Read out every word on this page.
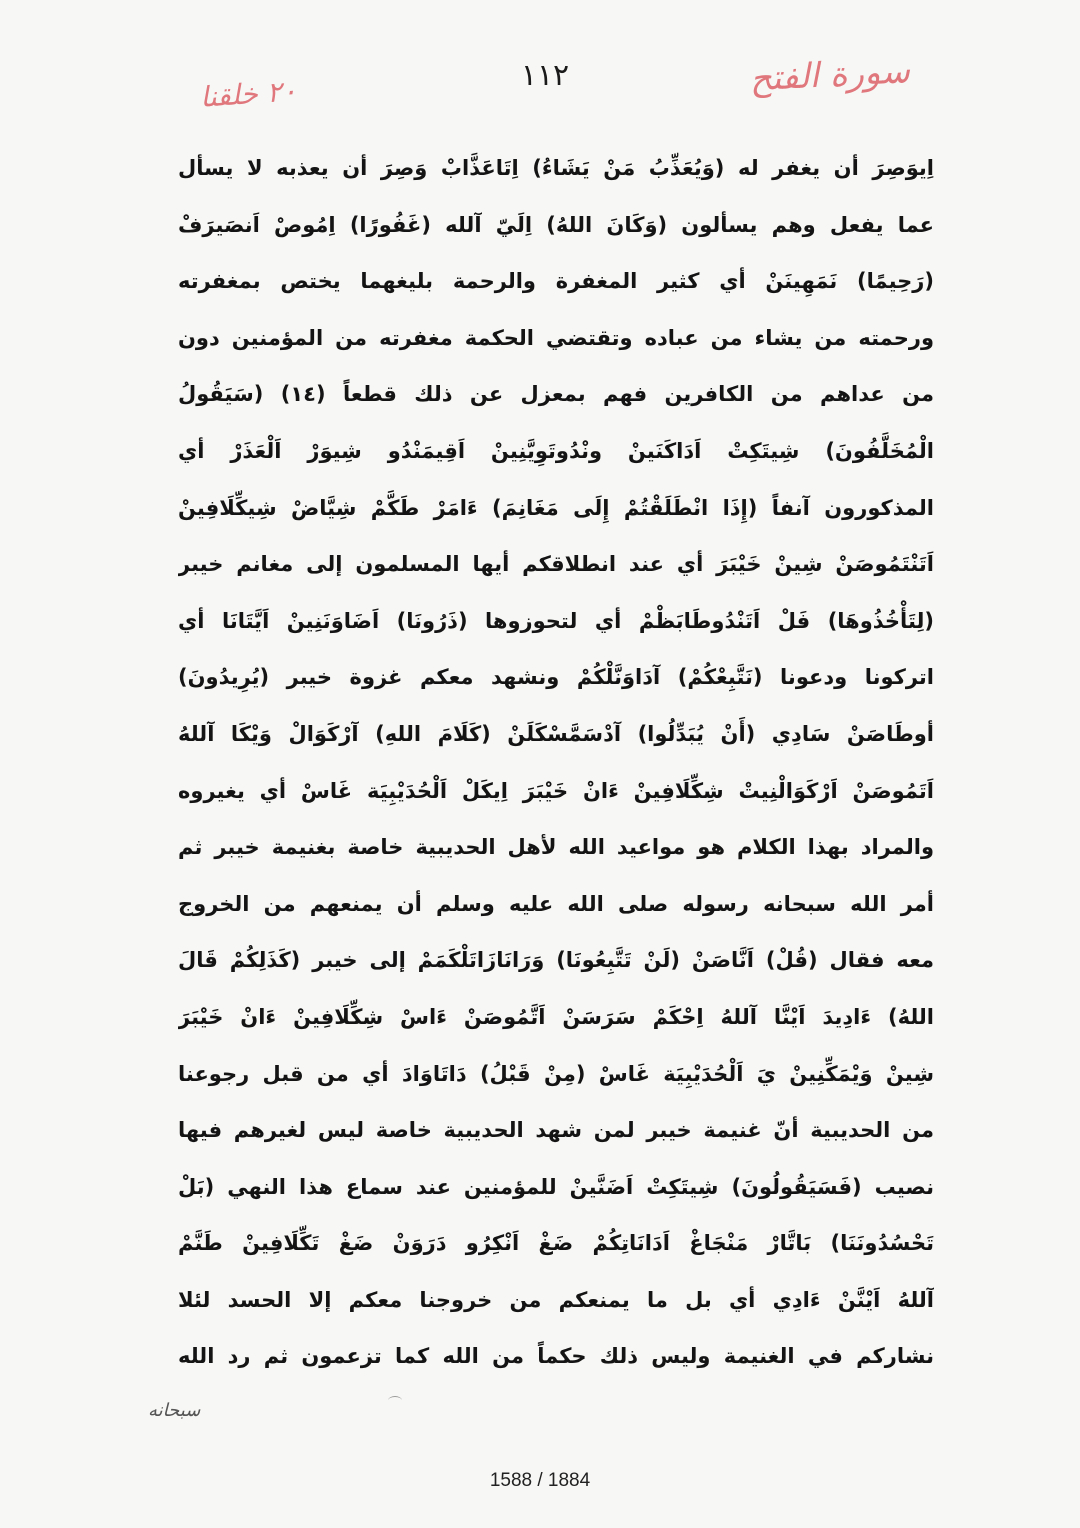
سورة الفتح
١١٢
٢٠ خلقنا
اِيوَصِرَ أن يغفر له (وَيُعَذِّبُ مَنْ يَشَاءُ) اِتَاعَذَّابْ وَصِرَ أن يعذبه لا يسأل
عما يفعل وهم يسألون (وَكَانَ اللهُ) اِلَيّ آلله (غَفُورًا) اِمُوصْ اَنصَيرَفْ
(رَحِيمًا) نَمَهِينَنْ أي كثير المغفرة والرحمة بليغهما يختص بمغفرته
ورحمته من يشاء من عباده وتقتضي الحكمة مغفرته من المؤمنين دون
من عداهم من الكافرين فهم بمعزل عن ذلك قطعاً (١٤) (سَيَقُولُ
الْمُخَلَّفُونَ) شِيتَكِتْ اَدَاكَنَينْ ونْدُوتَوِيَّنِينْ اَقِيمَنْدُو شِيوَرْ اَلْعَذَرْ أي
المذكورون آنفاً (إِذَا انْطَلَقْتُمْ إِلَى مَغَانِمَ) ءَامَرْ طَكَّمْ شِيَّاضْ شِيكِّلَافِينْ
اَتَنْتَمُوصَنْ شِينْ خَيْبَرَ أي عند انطلاقكم أيها المسلمون إلى مغانم خيبر
(لِتَأْخُذُوهَا) فَلْ اَتَنْدُوطَابَظْمْ أي لتحوزوها (ذَرُونَا) اَضَاوَنَنِينْ اَيَّتَانَا أي
اتركونا ودعونا (نَتَّبِعْكُمْ) آدَاوَنَّلْكُمْ ونشهد معكم غزوة خيبر (يُرِيدُونَ)
أوطَاصَنْ سَادِي (أَنْ يُبَدِّلُوا) آدْسَمَّسْكَلَنْ (كَلَامَ اللهِ) آرْكَوَالْ وَيْكَا آللهُ
اَتَمُوصَنْ اَرْكَوَالْنِيتْ شِكِّلَافِينْ ءَانْ خَيْبَرَ اِيكَلْ اَلْحُدَيْبِيَة غَاسْ أي يغيروه
والمراد بهذا الكلام هو مواعيد الله لأهل الحديبية خاصة بغنيمة خيبر ثم
أمر الله سبحانه رسوله صلى الله عليه وسلم أن يمنعهم من الخروج
معه فقال (قُلْ) اَنَّاصَنْ (لَنْ تَتَّبِعُونَا) وَرَانَازَاتَلْكَمَمْ إلى خيبر (كَذَلِكُمْ قَالَ
اللهُ) ءَادِيدَ اَيْنَّا آللهُ اِحْكَمْ سَرَسَنْ اَتَّمُوصَنْ ءَاسْ شِكِّلَافِينْ ءَانْ خَيْبَرَ
شِينْ وَيْمَكِّنِينْ يَ اَلْحُدَيْبِيَة غَاسْ (مِنْ قَبْلُ) دَاتَاوَادَ أي من قبل رجوعنا
من الحديبية أنّ غنيمة خيبر لمن شهد الحديبية خاصة ليس لغيرهم فيها
نصيب (فَسَيَقُولُونَ) شِيتَكِتْ اَضَنَّينْ للمؤمنين عند سماع هذا النهي (بَلْ
تَحْسُدُونَنَا) بَاتَّارْ مَنْجَاغْ اَدَانَاتِكُمْ ضَغْ اَنْكِرُو دَرَوَنْ ضَغْ تَكِّلَافِينْ طَنَّمْ
آللهُ اَيْنَّنْ ءَادِي أي بل ما يمنعكم من خروجنا معكم إلا الحسد لئلا
نشاركم في الغنيمة وليس ذلك حكماً من الله كما تزعمون ثم رد الله
سبحانه
1588 / 1884
